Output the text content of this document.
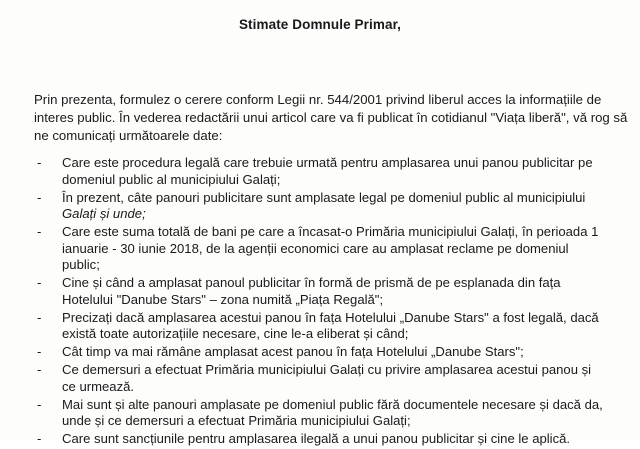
Stimate Domnule Primar,
Prin prezenta, formulez o cerere conform Legii nr. 544/2001 privind liberul acces la informațiile de
interes public. În vederea redactării unui articol care va fi publicat în cotidianul "Viața liberă", vă rog să
ne comunicați următoarele date:
-	Care este procedura legală care trebuie urmată pentru amplasarea unui panou publicitar pe
domeniul public al municipiului Galați;
-	În prezent, câte panouri publicitare sunt amplasate legal pe domeniul public al municipiului
Galați și unde;
-	Care este suma totală de bani pe care a încasat-o Primăria municipiului Galați, în perioada 1
ianuarie - 30 iunie 2018, de la agenții economici care au amplasat reclame pe domeniul
public;
-	Cine și când a amplasat panoul publicitar în formă de prismă de pe esplanada din fața
Hotelului "Danube Stars" – zona numită „Piața Regală";
-	Precizați dacă amplasarea acestui panou în fața Hotelului „Danube Stars" a fost legală, dacă
există toate autorizațiile necesare, cine le-a eliberat și când;
-	Cât timp va mai rămâne amplasat acest panou în fața Hotelului „Danube Stars";
-	Ce demersuri a efectuat Primăria municipiului Galați cu privire amplasarea acestui panou și
ce urmează.
-	Mai sunt și alte panouri amplasate pe domeniul public fără documentele necesare și dacă da,
unde și ce demersuri a efectuat Primăria municipiului Galați;
-	Care sunt sancțiunile pentru amplasarea ilegală a unui panou publicitar și cine le aplică.
